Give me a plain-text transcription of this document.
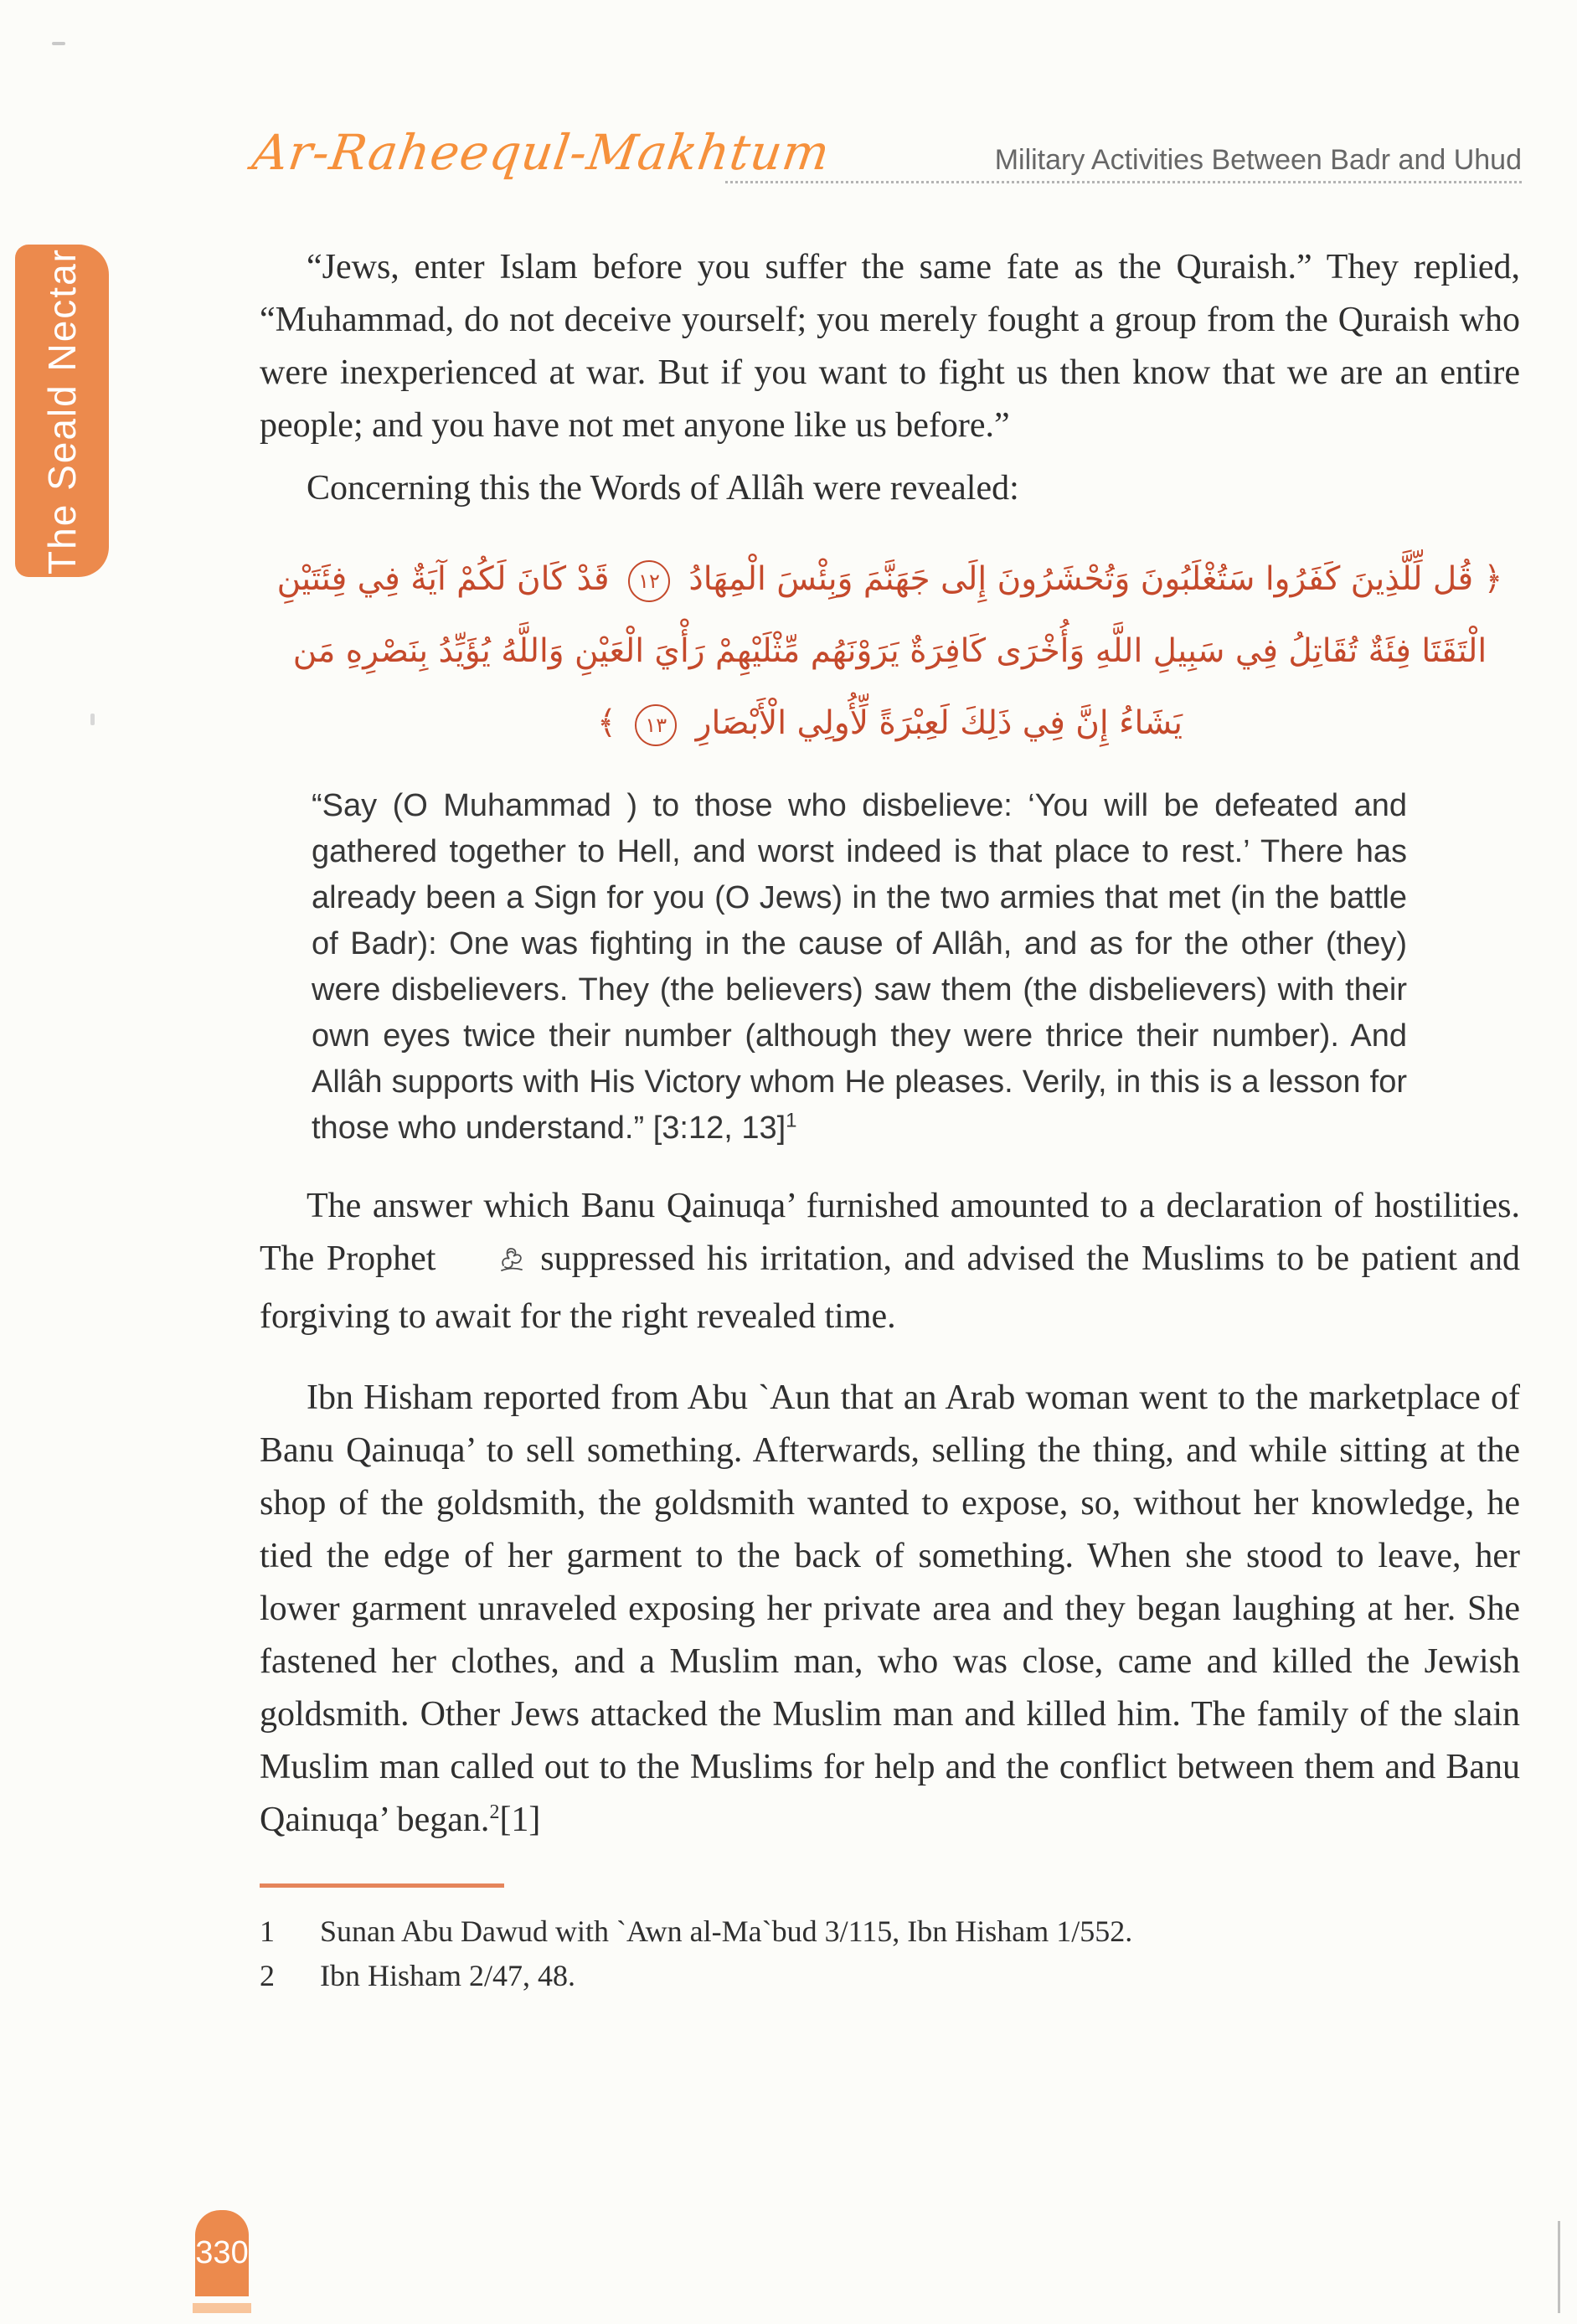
Ar-Raheequl-Makhtum	Military Activities Between Badr and Uhud
The Seald Nectar	“Jews, enter Islam before you suffer the same fate as the Quraish.” They replied, “Muhammad, do not deceive yourself; you merely fought a group from the Quraish who were inexperienced at war. But if you want to fight us then know that we are an entire people; and you have not met anyone like us before.”

Concerning this the Words of Allâh were revealed:

﴿ قُل لِّلَّذِينَ كَفَرُوا سَتُغْلَبُونَ وَتُحْشَرُونَ إِلَى جَهَنَّمَ وَبِئْسَ الْمِهَادُ
١٢
قَدْ كَانَ لَكُمْ آيَةٌ فِي فِئَتَيْنِ الْتَقَتَا فِئَةٌ تُقَاتِلُ فِي سَبِيلِ اللَّهِ وَأُخْرَى كَافِرَةٌ يَرَوْنَهُم مِّثْلَيْهِمْ رَأْيَ الْعَيْنِ وَاللَّهُ يُؤَيِّدُ بِنَصْرِهِ مَن يَشَاءُ إِنَّ فِي ذَلِكَ لَعِبْرَةً لِّأُولِي الْأَبْصَارِ
١٣
﴾
“Say (O Muhammad ) to those who disbelieve: ‘You will be defeated and gathered together to Hell, and worst indeed is that place to rest.’ There has already been a Sign for you (O Jews) in the two armies that met (in the battle of Badr): One was fighting in the cause of Allâh, and as for the other (they) were disbelievers. They (the believers) saw them (the disbelievers) with their own eyes twice their number (although they were thrice their number). And Allâh supports with His Victory whom He pleases. Verily, in this is a lesson for those who understand.” [3:12, 13]$^1$

The answer which Banu Qainuqa’ furnished amounted to a declaration of hostilities. The Prophet  suppressed his irritation, and advised the Muslims to be patient and forgiving to await for the right revealed time.

Ibn Hisham reported from Abu `Aun that an Arab woman went to the marketplace of Banu Qainuqa’ to sell something. Afterwards, selling the thing, and while sitting at the shop of the goldsmith, the goldsmith wanted to expose, so, without her knowledge, he tied the edge of her garment to the back of something. When she stood to leave, her lower garment unraveled exposing her private area and they began laughing at her. She fastened her clothes, and a Muslim man, who was close, came and killed the Jewish goldsmith. Other Jews attacked the Muslim man and killed him. The family of the slain Muslim man called out to the Muslims for help and the conflict between them and Banu Qainuqa’ began.$^2$[1]

1 Sunan Abu Dawud with `Awn al-Ma`bud 3/115, Ibn Hisham 1/552.
2 Ibn Hisham 2/47, 48.
330
